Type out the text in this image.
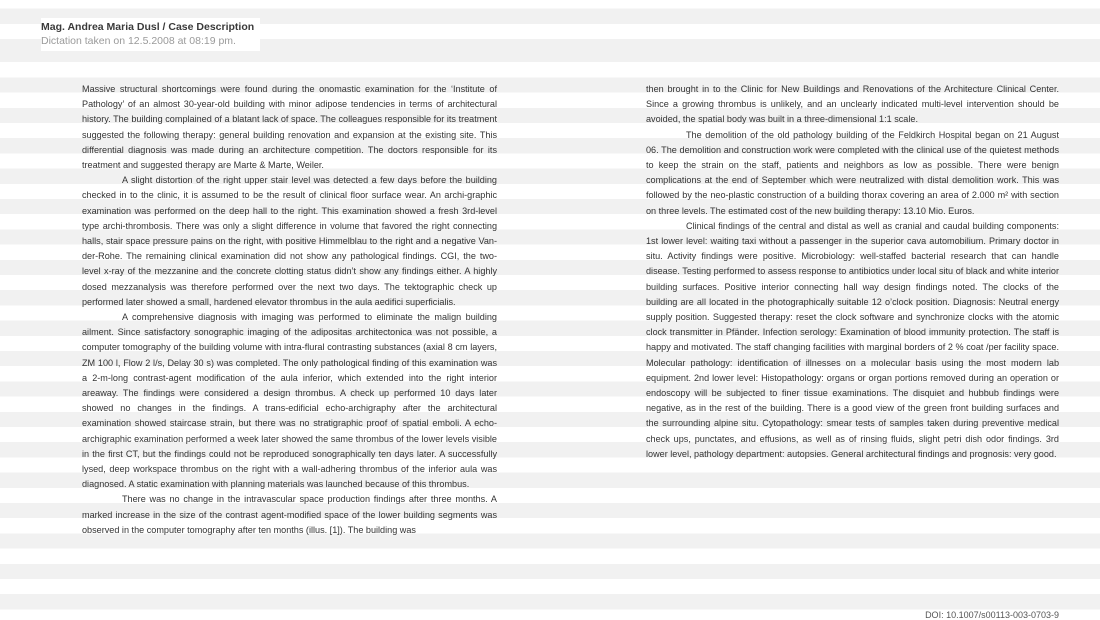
Mag. Andrea Maria Dusl / Case Description
Dictation taken on 12.5.2008 at 08:19 pm.

Massive structural shortcomings were found during the onomastic examination for the ‘Institute of Pathology’ of an almost 30-year-old building with minor adipose tendencies in terms of architectural history. The building complained of a blatant lack of space. The colleagues responsible for its treatment suggested the following therapy: general building renovation and expansion at the existing site. This differential diagnosis was made during an architecture competition. The doctors responsible for its treatment and suggested therapy are Marte & Marte, Weiler.

A slight distortion of the right upper stair level was detected a few days before the building checked in to the clinic, it is assumed to be the result of clinical floor surface wear. An archi-graphic examination was performed on the deep hall to the right. This examination showed a fresh 3rd-level type archi-thrombosis. There was only a slight difference in volume that favored the right connecting halls, stair space pressure pains on the right, with positive Himmelblau to the right and a negative Van-der-Rohe. The remaining clinical examination did not show any pathological findings. CGI, the two-level x-ray of the mezzanine and the concrete clotting status didn’t show any findings either. A highly dosed mezzanalysis was therefore performed over the next two days. The tektographic check up performed later showed a small, hardened elevator thrombus in the aula aedifici superficialis.

A comprehensive diagnosis with imaging was performed to eliminate the malign building ailment. Since satisfactory sonographic imaging of the adipositas architectonica was not possible, a computer tomography of the building volume with intra-flural contrasting substances (axial 8 cm layers, ZM 100 l, Flow 2 l/s, Delay 30 s) was completed. The only pathological finding of this examination was a 2-m-long contrast-agent modification of the aula inferior, which extended into the right interior areaway. The findings were considered a design thrombus. A check up performed 10 days later showed no changes in the findings. A trans-edificial echo-archigraphy after the architectural examination showed staircase strain, but there was no stratigraphic proof of spatial emboli. A echo-archigraphic examination performed a week later showed the same thrombus of the lower levels visible in the first CT, but the findings could not be reproduced sonographically ten days later. A successfully lysed, deep workspace thrombus on the right with a wall-adhering thrombus of the inferior aula was diagnosed. A static examination with planning materials was launched because of this thrombus.

There was no change in the intravascular space production findings after three months. A marked increase in the size of the contrast agent-modified space of the lower building segments was observed in the computer tomography after ten months (illus. [1]). The building was

then brought in to the Clinic for New Buildings and Renovations of the Architecture Clinical Center. Since a growing thrombus is unlikely, and an unclearly indicated multi-level intervention should be avoided, the spatial body was built in a three-dimensional 1:1 scale.

The demolition of the old pathology building of the Feldkirch Hospital began on 21 August 06. The demolition and construction work were completed with the clinical use of the quietest methods to keep the strain on the staff, patients and neighbors as low as possible. There were benign complications at the end of September which were neutralized with distal demolition work. This was followed by the neo-plastic construction of a building thorax covering an area of 2.000 m² with section on three levels. The estimated cost of the new building therapy: 13.10 Mio. Euros.

Clinical findings of the central and distal as well as cranial and caudal building components: 1st lower level: waiting taxi without a passenger in the superior cava automobilium. Primary doctor in situ. Activity findings were positive. Microbiology: well-staffed bacterial research that can handle disease. Testing performed to assess response to antibiotics under local situ of black and white interior building surfaces. Positive interior connecting hall way design findings noted. The clocks of the building are all located in the photographically suitable 12 o’clock position. Diagnosis: Neutral energy supply position. Suggested therapy: reset the clock software and synchronize clocks with the atomic clock transmitter in Pfänder. Infection serology: Examination of blood immunity protection. The staff is happy and motivated. The staff changing facilities with marginal borders of 2 % coat /per facility space. Molecular pathology: identification of illnesses on a molecular basis using the most modern lab equipment. 2nd lower level: Histopathology: organs or organ portions removed during an operation or endoscopy will be subjected to finer tissue examinations. The disquiet and hubbub findings were negative, as in the rest of the building. There is a good view of the green front building surfaces and the surrounding alpine situ. Cytopathology: smear tests of samples taken during preventive medical check ups, punctates, and effusions, as well as of rinsing fluids, slight petri dish odor findings. 3rd lower level, pathology department: autopsies. General architectural findings and prognosis: very good.

DOI: 10.1007/s00113-003-0703-9
